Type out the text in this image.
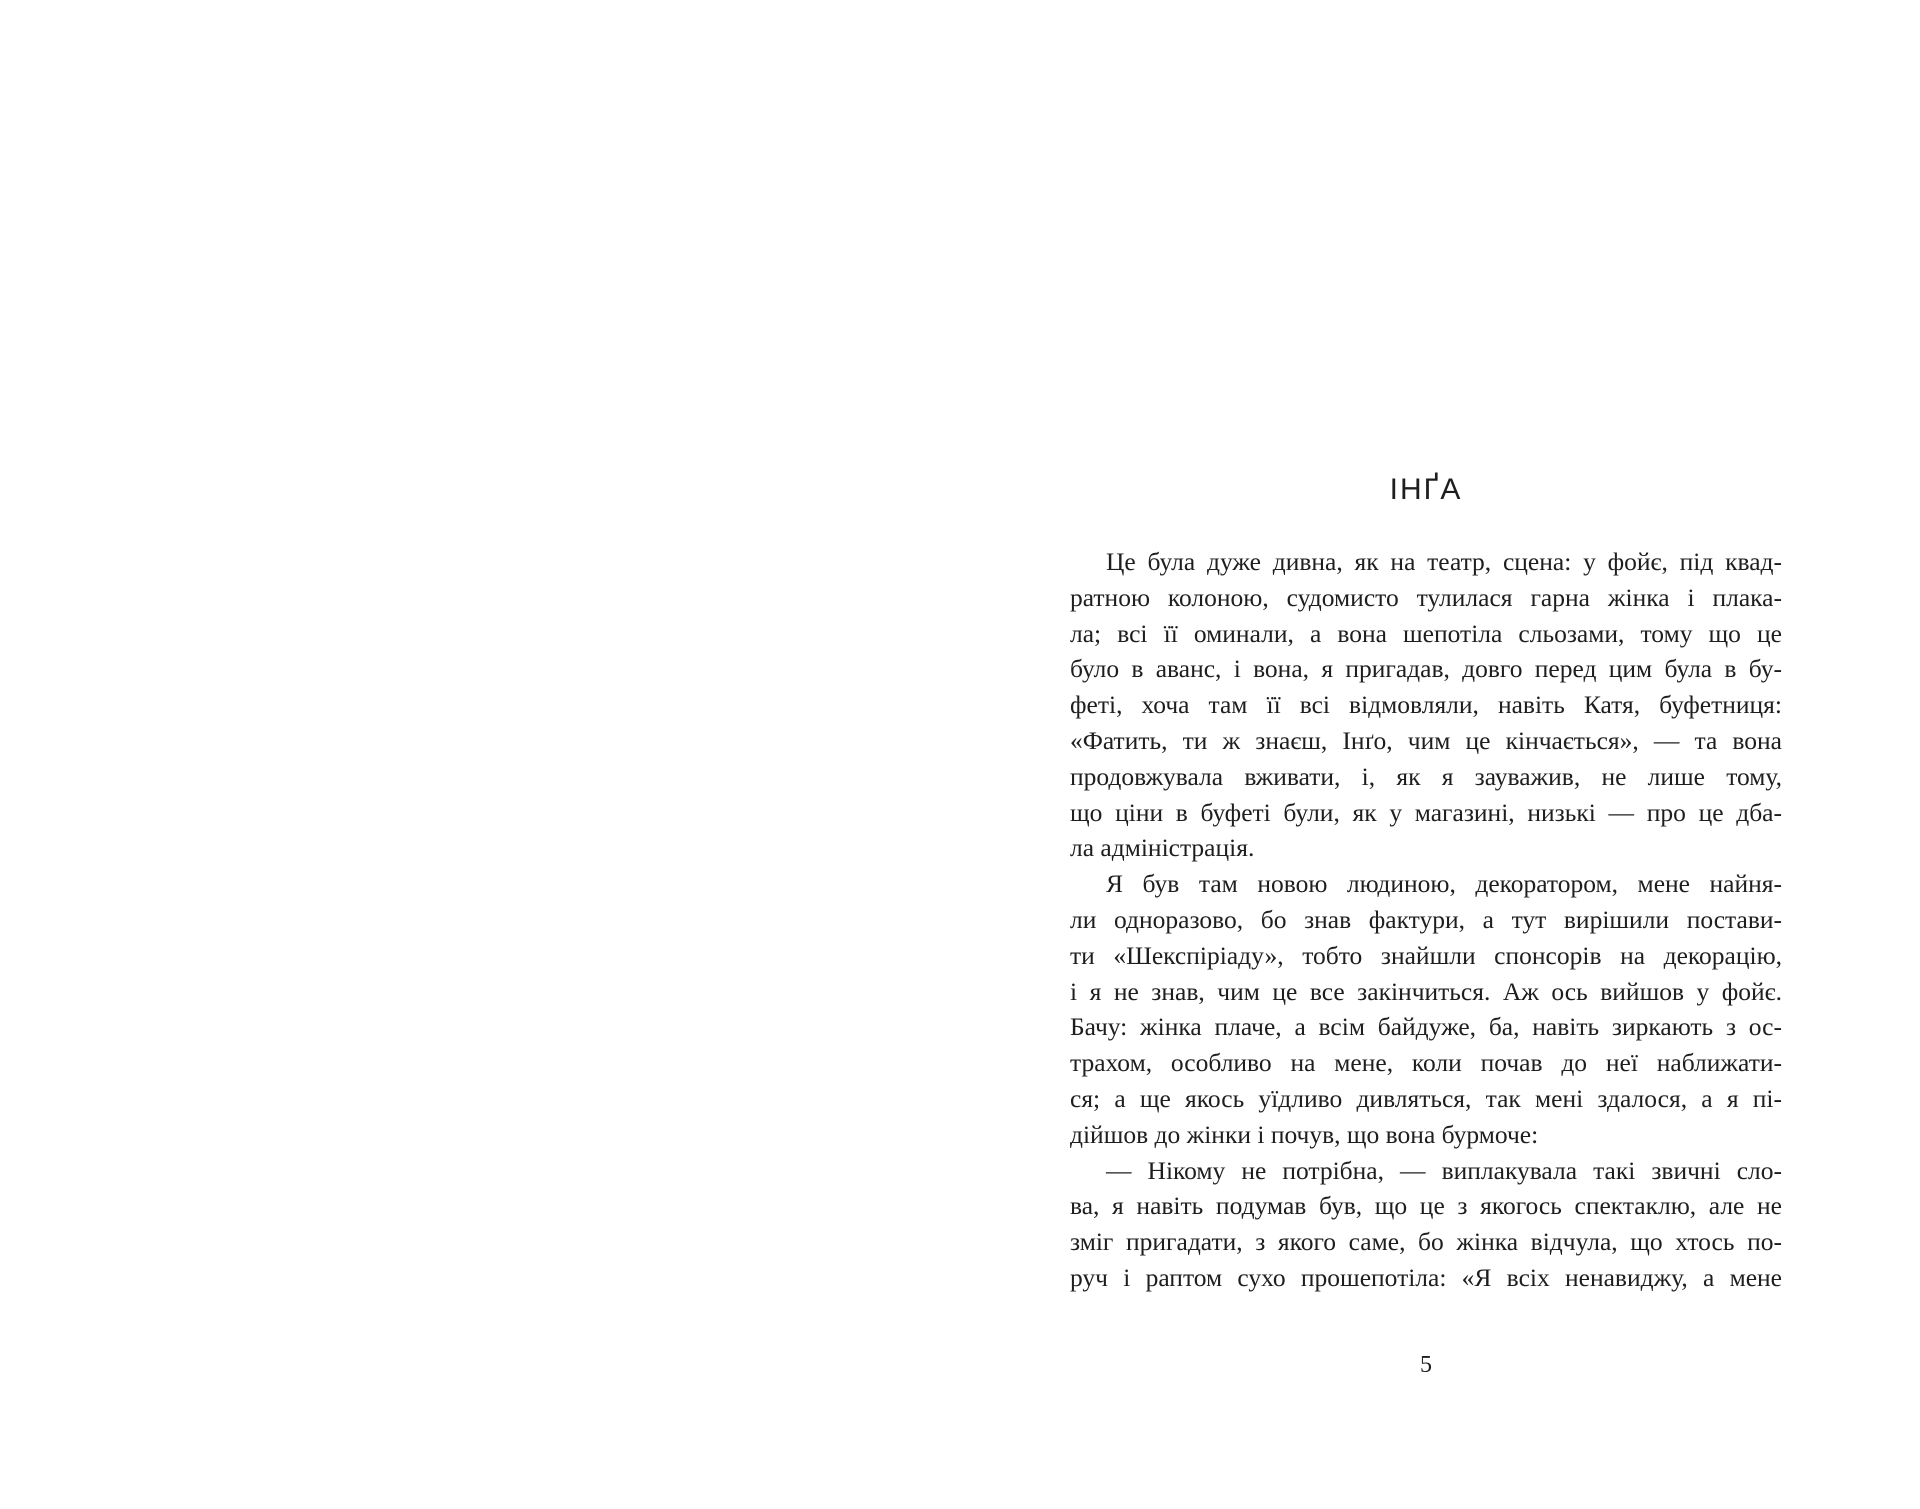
ІНҐА
Це була дуже дивна, як на театр, сцена: у фойє, під квад-
ратною колоною, судомисто тулилася гарна жінка і плака-
ла; всі її оминали, а вона шепотіла сльозами, тому що це
було в аванс, і вона, я пригадав, довго перед цим була в бу-
феті, хоча там її всі відмовляли, навіть Катя, буфетниця:
«Фатить, ти ж знаєш, Інґо, чим це кінчається», — та вона
продовжувала вживати, і, як я зауважив, не лише тому,
що ціни в буфеті були, як у магазині, низькі — про це дба-
ла адміністрація.
Я був там новою людиною, декоратором, мене найня-
ли одноразово, бо знав фактури, а тут вирішили постави-
ти «Шекспіріаду», тобто знайшли спонсорів на декорацію,
і я не знав, чим це все закінчиться. Аж ось вийшов у фойє.
Бачу: жінка плаче, а всім байдуже, ба, навіть зиркають з ос-
трахом, особливо на мене, коли почав до неї наближати-
ся; а ще якось уїдливо дивляться, так мені здалося, а я пі-
дійшов до жінки і почув, що вона бурмоче:
— Нікому не потрібна, — виплакувала такі звичні сло-
ва, я навіть подумав був, що це з якогось спектаклю, але не
зміг пригадати, з якого саме, бо жінка відчула, що хтось по-
руч і раптом сухо прошепотіла: «Я всіх ненавиджу, а мене
5
